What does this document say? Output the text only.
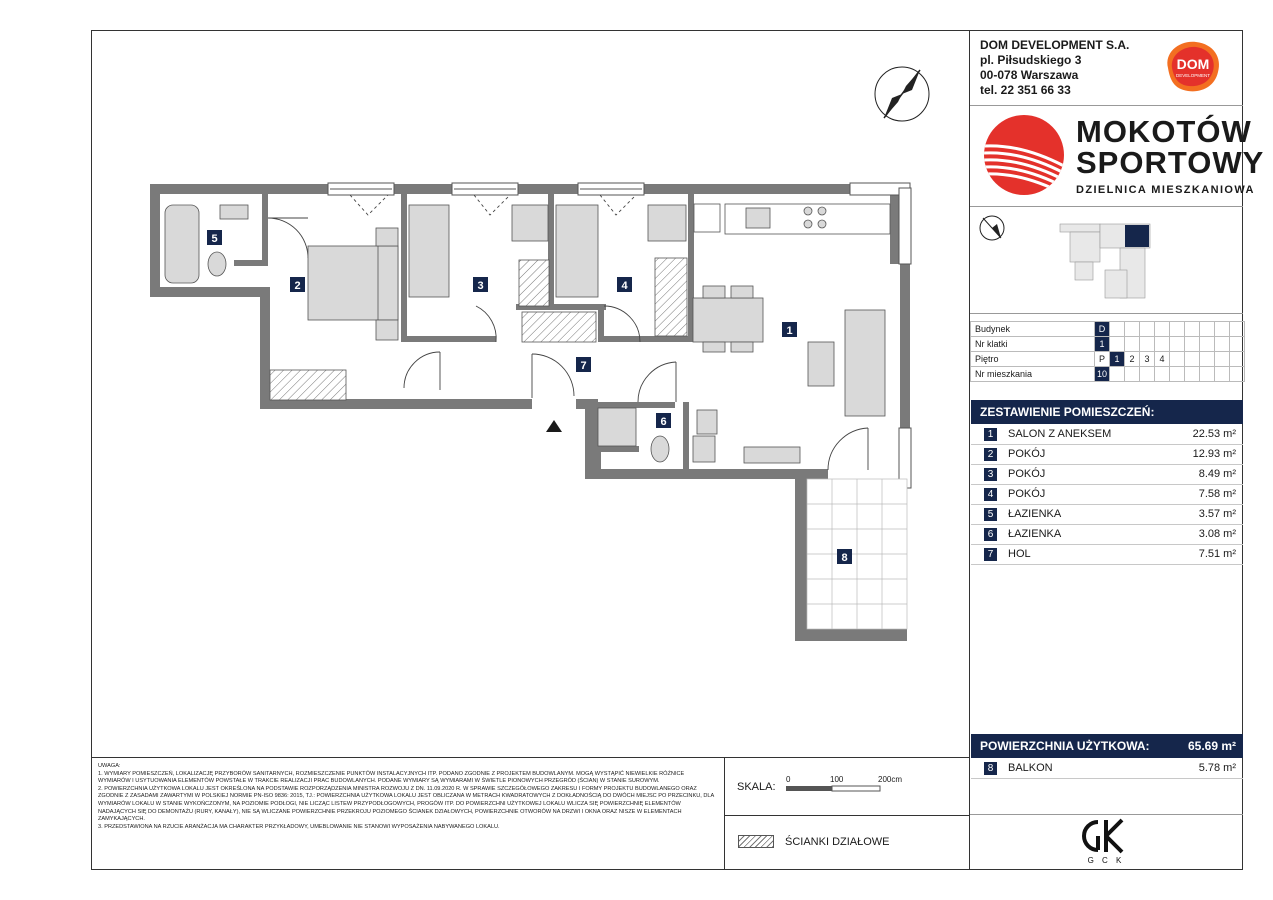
DOM DEVELOPMENT S.A.
pl. Piłsudskiego 3
00-078 Warszawa
tel. 22 351 66 33
DOM
DEVELOPMENT
MOKOTÓW
SPORTOWY
DZIELNICA MIESZKANIOWA
Budynek	D									
Nr klatki	1									
Piętro	P	1	2	3	4					
Nr mieszkania	10									
ZESTAWIENIE POMIESZCZEŃ:
1	SALON Z ANEKSEM	22.53 m²
2	POKÓJ	12.93 m²
3	POKÓJ	8.49 m²
4	POKÓJ	7.58 m²
5	ŁAZIENKA	3.57 m²
6	ŁAZIENKA	3.08 m²
7	HOL	7.51 m²
POWIERZCHNIA UŻYTKOWA:	65.69 m²
8	BALKON	5.78 m²
G C K

UWAGA:

1. WYMIARY POMIESZCZEŃ, LOKALIZACJĘ PRZYBORÓW SANITARNYCH, ROZMIESZCZENIE PUNKTÓW INSTALACYJNYCH ITP. PODANO ZGODNIE Z PROJEKTEM BUDOWLANYM. MOGĄ WYSTĄPIĆ NIEWIELKIE RÓŻNICE WYMIARÓW I USYTUOWANIA ELEMENTÓW POWSTAŁE W TRAKCIE REALIZACJI PRAC BUDOWLANYCH. PODANE WYMIARY SĄ WYMIARAMI W ŚWIETLE PIONOWYCH PRZEGRÓD (ŚCIAN) W STANIE SUROWYM.

2. POWIERZCHNIA UŻYTKOWA LOKALU JEST OKREŚLONA NA PODSTAWIE ROZPORZĄDZENIA MINISTRA ROZWOJU Z DN. 11.09.2020 R. W SPRAWIE SZCZEGÓŁOWEGO ZAKRESU I FORMY PROJEKTU BUDOWLANEGO ORAZ ZGODNIE Z ZASADAMI ZAWARTYMI W POLSKIEJ NORMIE PN-ISO 9836: 2015, TJ.: POWIERZCHNIA UŻYTKOWA LOKALU JEST OBLICZANA W METRACH KWADRATOWYCH Z DOKŁADNOŚCIĄ DO DWÓCH MIEJSC PO PRZECINKU, DLA WYMIARÓW LOKALU W STANIE WYKOŃCZONYM, NA POZIOMIE PODŁOGI, NIE LICZĄC LISTEW PRZYPODŁOGOWYCH, PROGÓW ITP. DO POWIERZCHNI UŻYTKOWEJ LOKALU WLICZA SIĘ POWIERZCHNIĘ ELEMENTÓW NADAJĄCYCH SIĘ DO DEMONTAŻU (RURY, KANAŁY), NIE SĄ WLICZANE POWIERZCHNIE PRZEKROJU POZIOMEGO ŚCIANEK DZIAŁOWYCH, POWIERZCHNIE OTWORÓW NA DRZWI I OKNA ORAZ NISZE W ELEMENTACH ZAMYKAJĄCYCH.

3. PRZEDSTAWIONA NA RZUCIE ARANŻACJA MA CHARAKTER PRZYKŁADOWY, UMEBLOWANIE NIE STANOWI WYPOSAŻENIA NABYWANEGO LOKALU.

SKALA:
0	100	200cm
ŚCIANKI DZIAŁOWE
1
2	3	4
5
6
7
8
